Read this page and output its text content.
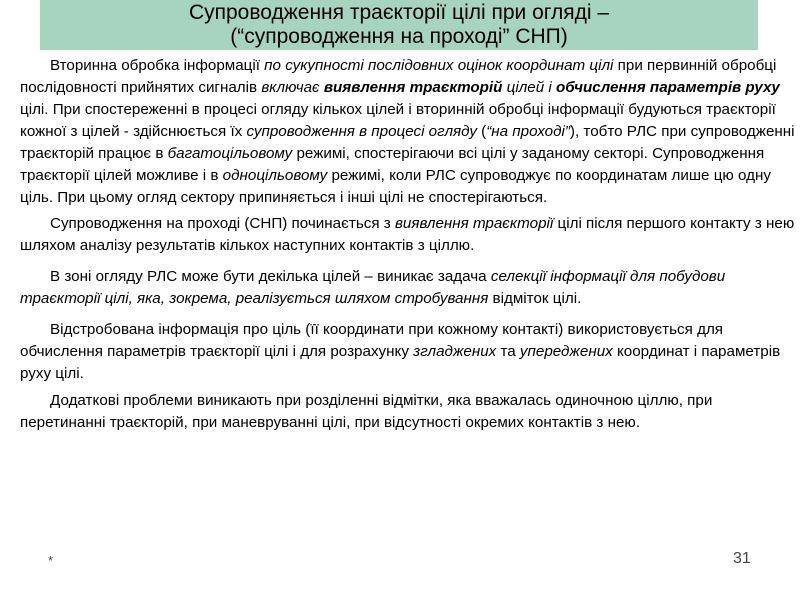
Супроводження траєкторії цілі при огляді –
(“супроводження на проході” СНП)

Вторинна обробка інформації по сукупності послідовних оцінок координат цілі при первинній обробці послідовності прийнятих сигналів включає виявлення траєкторій цілей і обчислення параметрів руху цілі. При спостереженні в процесі огляду кількох цілей і вторинній обробці інформації будуються траєкторії кожної з цілей - здійснюється їх супроводження в процесі огляду (“на проході”), тобто РЛС при супроводженні траєкторій працює в багатоцільовому режимі, спостерігаючи всі цілі у заданому секторі. Супроводження траєкторії цілей можливе і в одноцільовому режимі, коли РЛС супроводжує по координатам лише цю одну ціль. При цьому огляд сектору припиняється і інші цілі не спостерігаються.

Супроводження на проході (СНП) починається з виявлення траєкторії цілі після першого контакту з нею шляхом аналізу результатів кількох наступних контактів з ціллю.

В зоні огляду РЛС може бути декілька цілей – виникає задача селекції інформації для побудови траєкторії цілі, яка, зокрема, реалізується шляхом стробування відміток цілі.

Відстробована інформація про ціль (її координати при кожному контакті) використовується для обчислення параметрів траєкторії цілі і для розрахунку згладжених та упереджених координат і параметрів руху цілі.

Додаткові проблеми виникають при розділенні відмітки, яка вважалась одиночною ціллю, при перетинанні траєкторій, при маневруванні цілі, при відсутності окремих контактів з нею.

*	31
